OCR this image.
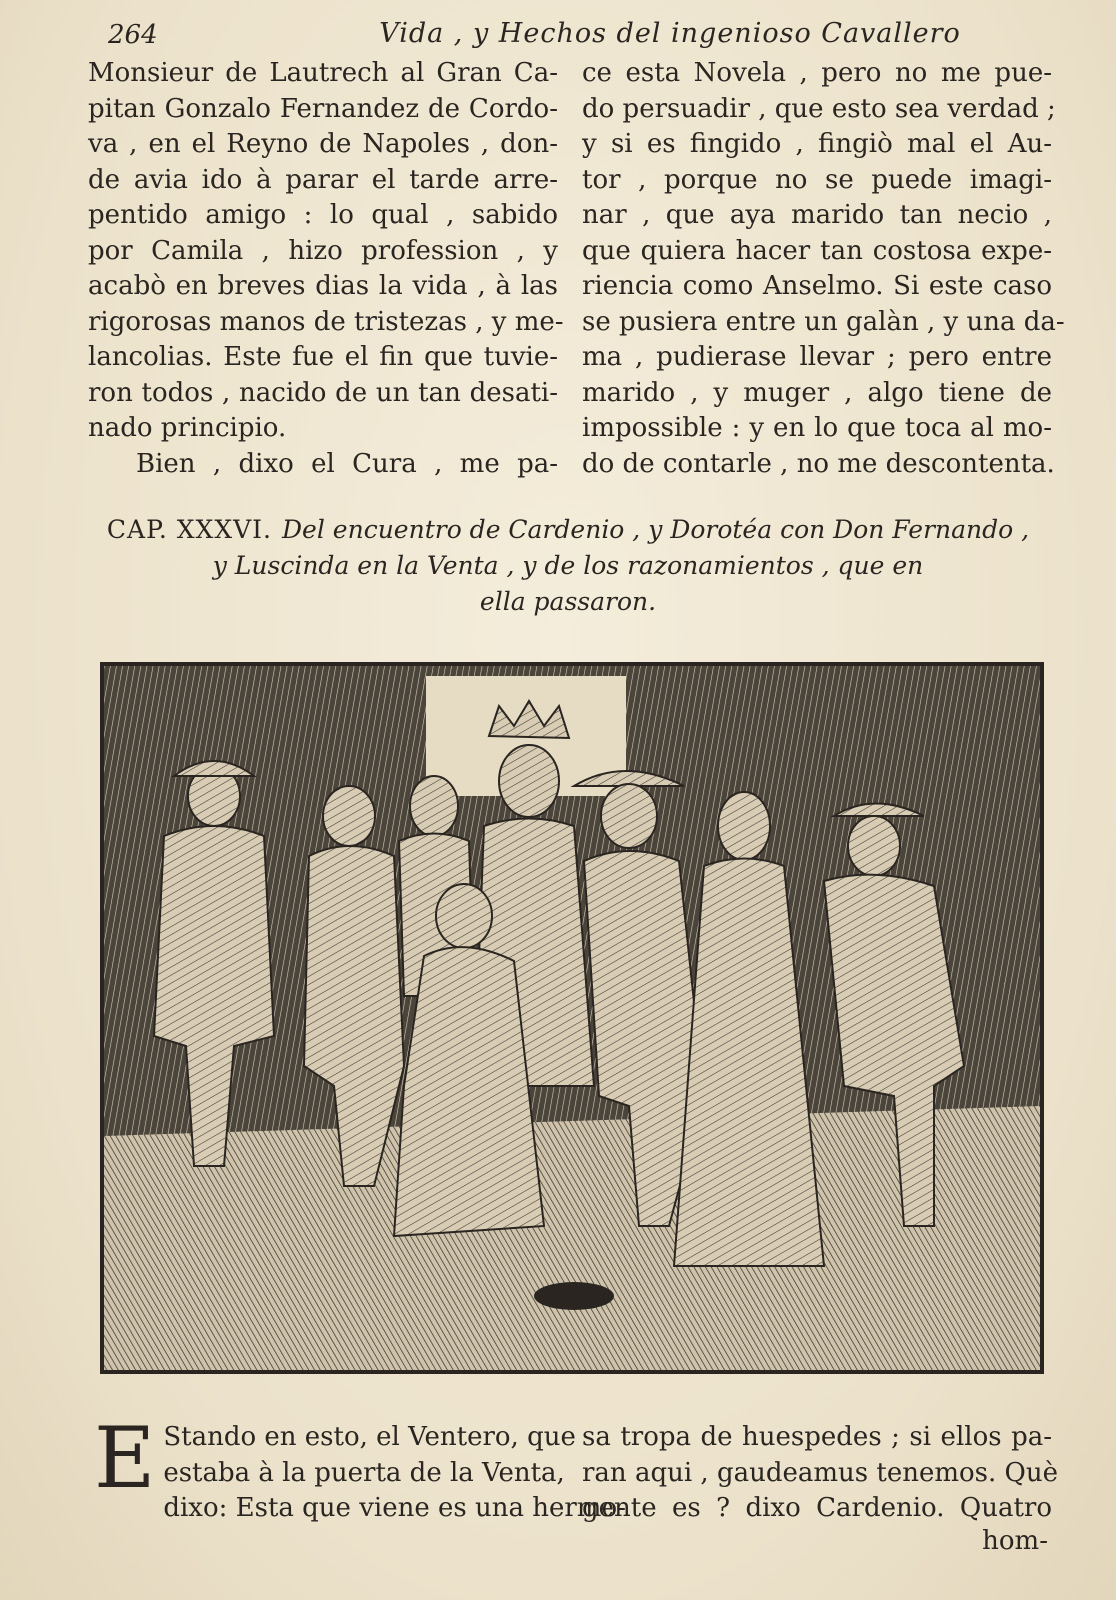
264	Vida , y Hechos del ingenioso Cavallero
Monsieur de Lautrech al Gran Ca-
pitan Gonzalo Fernandez de Cordo-
va , en el Reyno de Napoles , don-
de avia ido à parar el tarde arre-
pentido amigo : lo qual , sabido
por Camila , hizo profession , y
acabò en breves dias la vida , à las
rigorosas manos de tristezas , y me-
lancolias. Este fue el fin que tuvie-
ron todos , nacido de un tan desati-
nado principio.
Bien , dixo el Cura , me pa-
ce esta Novela , pero no me pue-
do persuadir , que esto sea verdad ;
y si es fingido , fingiò mal el Au-
tor , porque no se puede imagi-
nar , que aya marido tan necio ,
que quiera hacer tan costosa expe-
riencia como Anselmo. Si este caso
se pusiera entre un galàn , y una da-
ma , pudierase llevar ; pero entre
marido , y muger , algo tiene de
impossible : y en lo que toca al mo-
do de contarle , no me descontenta.
CAP. XXXVI. Del encuentro de Cardenio , y Dorotéa con Don Fernando ,
y Luscinda en la Venta , y de los razonamientos , que en
ella passaron.
E Stando en esto, el Ventero, que
estaba à la puerta de la Venta,
dixo: Esta que viene es una hermo-
sa tropa de huespedes ; si ellos pa-
ran aqui , gaudeamus tenemos. Què
gente es ? dixo Cardenio. Quatro
hom-
